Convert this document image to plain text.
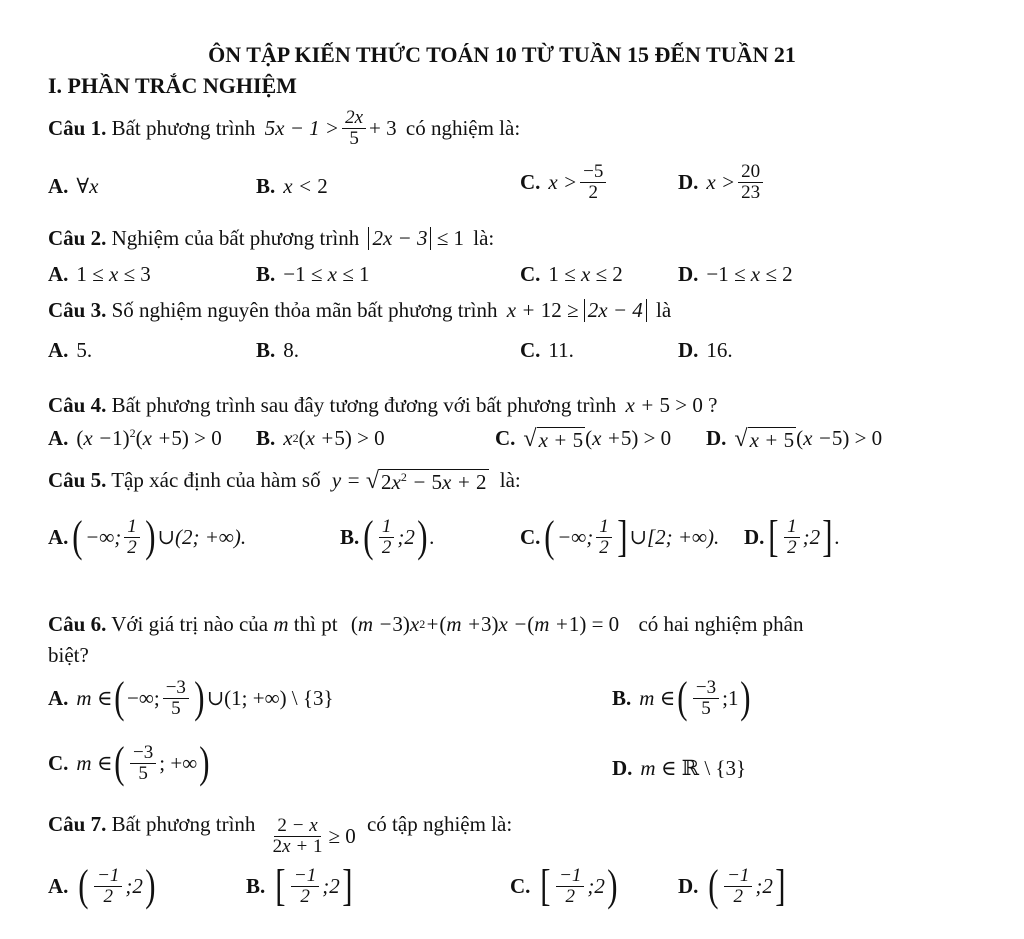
ÔN TẬP KIẾN THỨC TOÁN 10 TỪ TUẦN 15 ĐẾN TUẦN 21
I. PHẦN TRẮC NGHIỆM
Câu 1. Bất phương trình $5x - 1 > \frac{2x}{5} + 3$ có nghiệm là:
A. ∀x	B. x < 2	C. $x > \frac{-5}{2}$	D. $x > \frac{20}{23}$
Câu 2. Nghiệm của bất phương trình 2x − 3 ≤ 1 là:
A. 1 ≤ x ≤ 3	B. −1 ≤ x ≤ 1	C. 1 ≤ x ≤ 2	D. −1 ≤ x ≤ 2
Câu 3. Số nghiệm nguyên thỏa mãn bất phương trình x + 12 ≥ 2x − 4 là
A. 5.	B. 8.	C. 11.	D. 16.
Câu 4. Bất phương trình sau đây tương đương với bất phương trình x + 5 > 0 ?
A. ( x − 1)$^2$( x + 5) > 0 B. x 2 ( x + 5) > 0	C. √ x + 5 ( x + 5) > 0 D. √ x + 5 ( x − 5) > 0
Câu 5. Tập xác định của hàm số y = √ $2x^2 - 5x + 2$ là:
A. ( −∞; $\frac{1}{2}$ ) ∪(2; +∞).	B. ( $\frac{1}{2}$ ;2 ) .	C. ( −∞; $\frac{1}{2}$ ] ∪[2; +∞). D. [ $\frac{1}{2}$ ;2 ] .
Câu 6. Với giá trị nào của m thì pt ( m − 3) x 2 + ( m + 3) x − ( m + 1) = 0 có hai nghiệm phân
biệt?
A. m ∈ ( −∞; $\frac{-3}{5}$ ) ∪(1; +∞) \ {3}	B. m ∈ ( $\frac{-3}{5}$ ;1 )
C. m ∈ ( $\frac{-3}{5}$ ; +∞ )	D. m ∈ ℝ \ {3}
Câu 7. Bất phương trình $\frac{2 - x}{2x + 1} \ge 0$ có tập nghiệm là:
A. ( $\frac{-1}{2}$ ;2 )	B. [ $\frac{-1}{2}$ ;2 ]	C. [ $\frac{-1}{2}$ ;2 )	D. ( $\frac{-1}{2}$ ;2 ]
